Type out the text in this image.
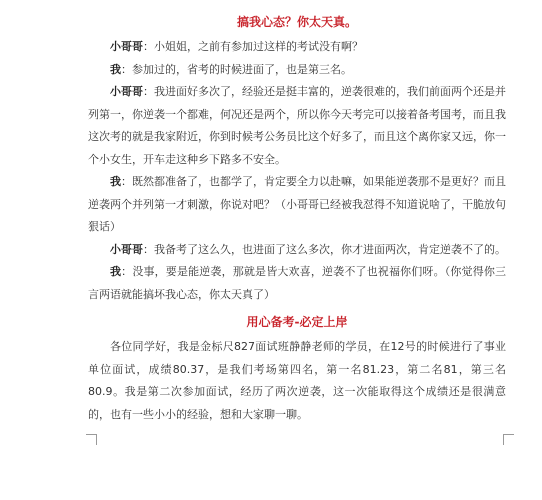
搞我心态？你太天真。

小哥哥：小姐姐，之前有参加过这样的考试没有啊？

我：参加过的，省考的时候进面了，也是第三名。

小哥哥：我进面好多次了，经验还是挺丰富的，逆袭很难的，我们前面两个还是并列第一，你逆袭一个都难，何况还是两个，所以你今天考完可以接着备考国考，而且我这次考的就是我家附近，你到时候考公务员比这个好多了，而且这个离你家又远，你一个小女生，开车走这种乡下路多不安全。

我：既然都准备了，也都学了，肯定要全力以赴嘛，如果能逆袭那不是更好？而且逆袭两个并列第一才刺激，你说对吧？（小哥哥已经被我怼得不知道说啥了，干脆放句狠话）

小哥哥：我备考了这么久，也进面了这么多次，你才进面两次，肯定逆袭不了的。

我：没事，要是能逆袭，那就是皆大欢喜，逆袭不了也祝福你们呀。（你觉得你三言两语就能搞坏我心态，你太天真了）

用心备考-必定上岸

各位同学好，我是金标尺827面试班静静老师的学员，在12号的时候进行了事业单位面试，成绩80.37，是我们考场第四名，第一名81.23，第二名81，第三名80.9。我是第二次参加面试，经历了两次逆袭，这一次能取得这个成绩还是很满意的，也有一些小小的经验，想和大家聊一聊。
